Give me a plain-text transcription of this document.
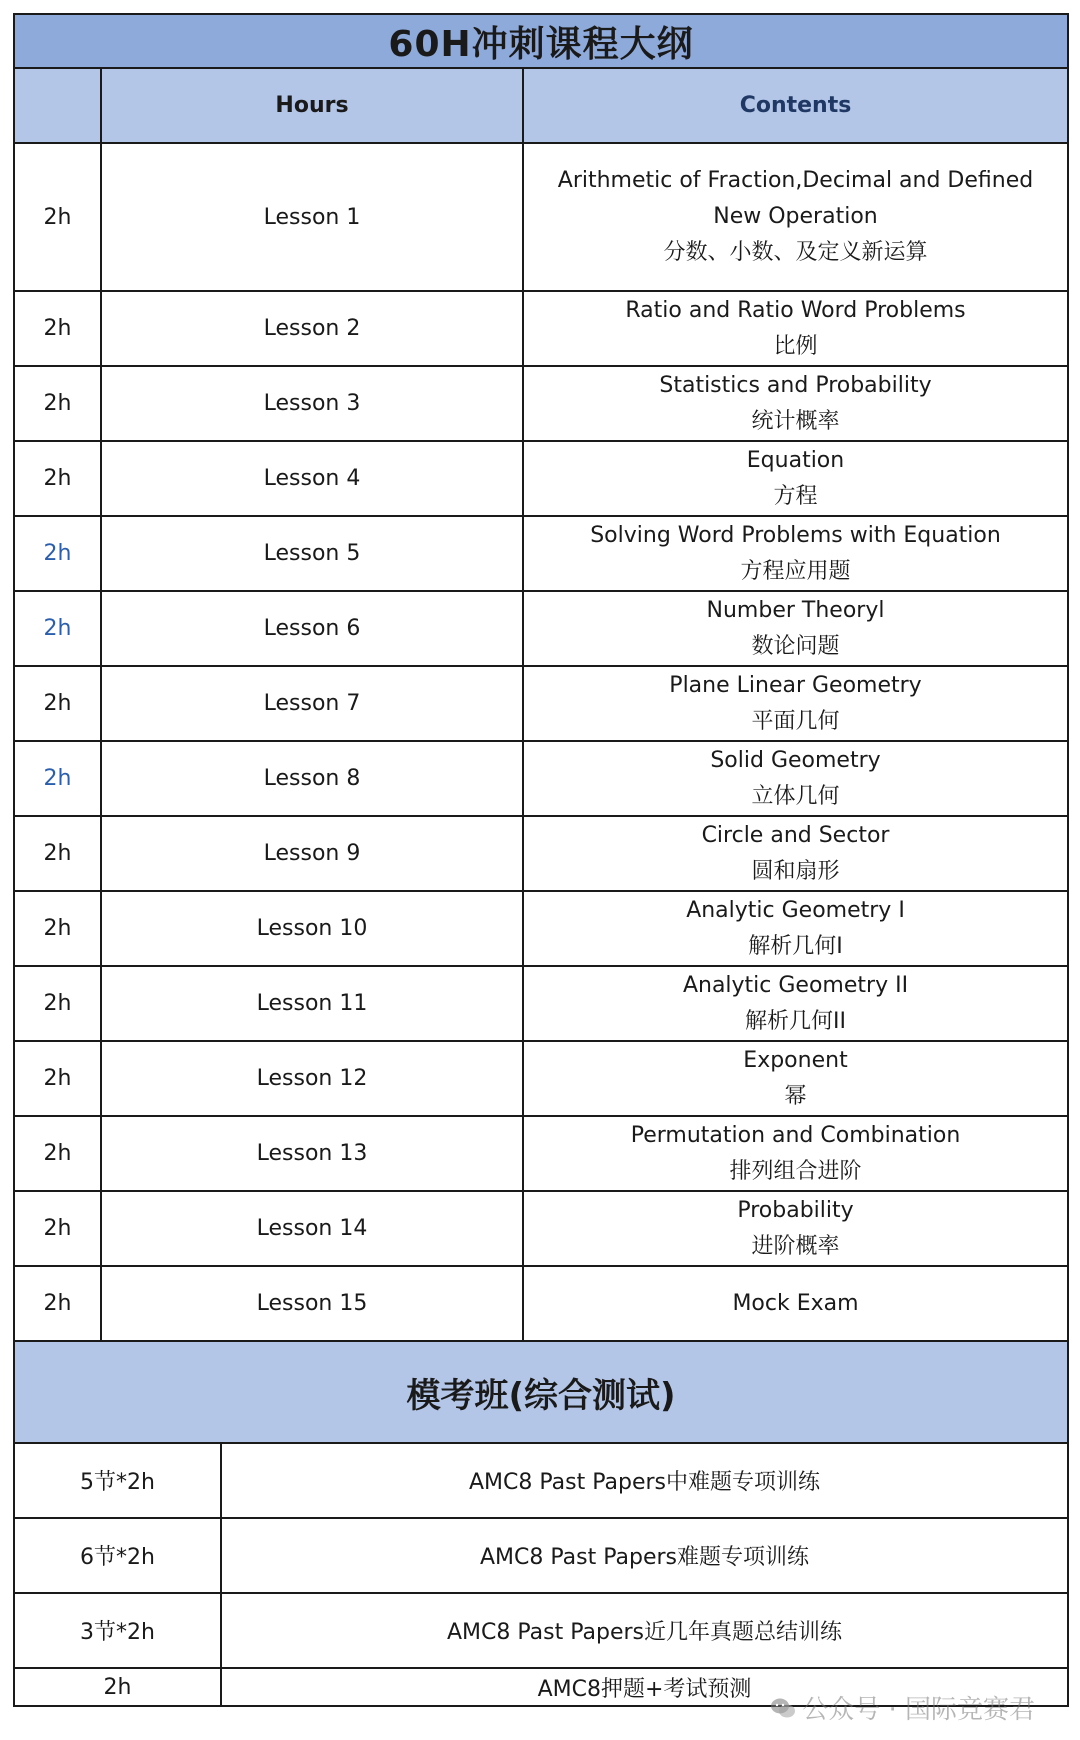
60H冲刺课程大纲		
	Hours	Contents
2h	Lesson 1	Arithmetic of Fraction,Decimal and Defined New Operation
分数、小数、及定义新运算

2h	Lesson 2	Ratio and Ratio Word Problems
比例

2h	Lesson 3	Statistics and Probability
统计概率

2h	Lesson 4	Equation
方程

2h	Lesson 5	Solving Word Problems with Equation
方程应用题

2h	Lesson 6	Number Theoryl
数论问题

2h	Lesson 7	Plane Linear Geometry
平面几何

2h	Lesson 8	Solid Geometry
立体几何

2h	Lesson 9	Circle and Sector
圆和扇形

2h	Lesson 10	Analytic Geometry I
解析几何I

2h	Lesson 11	Analytic Geometry II
解析几何II

2h	Lesson 12	Exponent
幂

2h	Lesson 13	Permutation and Combination
排列组合进阶

2h	Lesson 14	Probability
进阶概率

2h	Lesson 15	Mock Exam
模考班(综合测试)	
5节*2h	AMC8 Past Papers中难题专项训练
6节*2h	AMC8 Past Papers难题专项训练
3节*2h	AMC8 Past Papers近几年真题总结训练
2h	AMC8押题+考试预测
公众号 · 国际竞赛君
